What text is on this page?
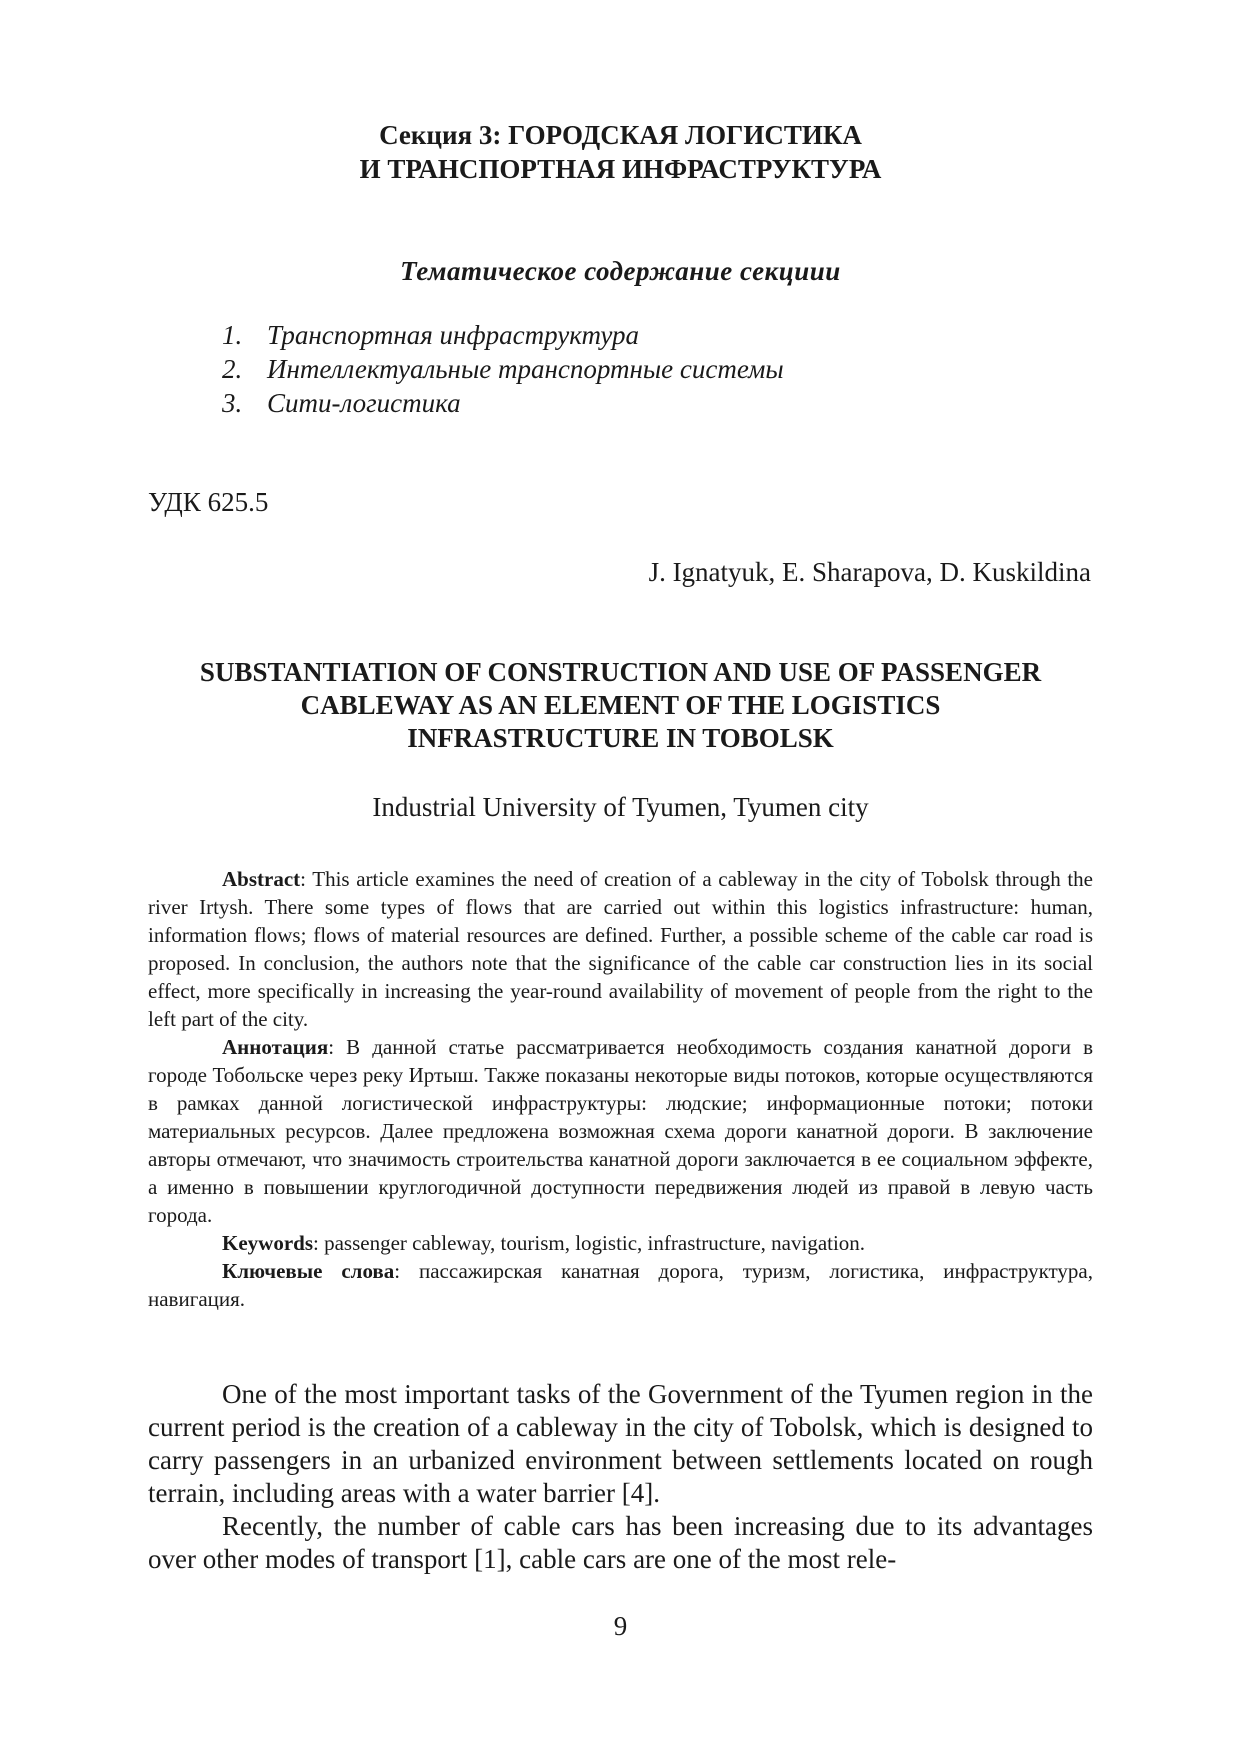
Секция 3: ГОРОДСКАЯ ЛОГИСТИКА
И ТРАНСПОРТНАЯ ИНФРАСТРУКТУРА
Тематическое содержание секциии
1. Транспортная инфраструктура
2. Интеллектуальные транспортные системы
3. Сити-логистика
УДК 625.5
J. Ignatyuk, E. Sharapova, D. Kuskildina
SUBSTANTIATION OF CONSTRUCTION AND USE OF PASSENGER
CABLEWAY AS AN ELEMENT OF THE LOGISTICS
INFRASTRUCTURE IN TOBOLSK
Industrial University of Tyumen, Tyumen city

Abstract: This article examines the need of creation of a cableway in the city of Tobolsk through the river Irtysh. There some types of flows that are carried out within this logistics infrastructure: human, information flows; flows of material resources are defined. Further, a possible scheme of the cable car road is proposed. In conclusion, the authors note that the significance of the cable car construction lies in its social effect, more specifically in increasing the year-round availability of movement of people from the right to the left part of the city.

Аннотация: В данной статье рассматривается необходимость создания канатной дороги в городе Тобольске через реку Иртыш. Также показаны некоторые виды потоков, которые осуществляются в рамках данной логистической инфраструктуры: людские; информационные потоки; потоки материальных ресурсов. Далее предложена возможная схема дороги канатной дороги. В заключение авторы отмечают, что значимость строительства канатной дороги заключается в ее социальном эффекте, а именно в повышении круглогодичной доступности передвижения людей из правой в левую часть города.

Keywords: passenger cableway, tourism, logistic, infrastructure, navigation.

Ключевые слова: пассажирская канатная дорога, туризм, логистика, инфраструктура, навигация.

One of the most important tasks of the Government of the Tyumen region in the current period is the creation of a cableway in the city of Tobolsk, which is designed to carry passengers in an urbanized environment between settlements located on rough terrain, including areas with a water barrier [4].

Recently, the number of cable cars has been increasing due to its advantages over other modes of transport [1], cable cars are one of the most rele-

9
